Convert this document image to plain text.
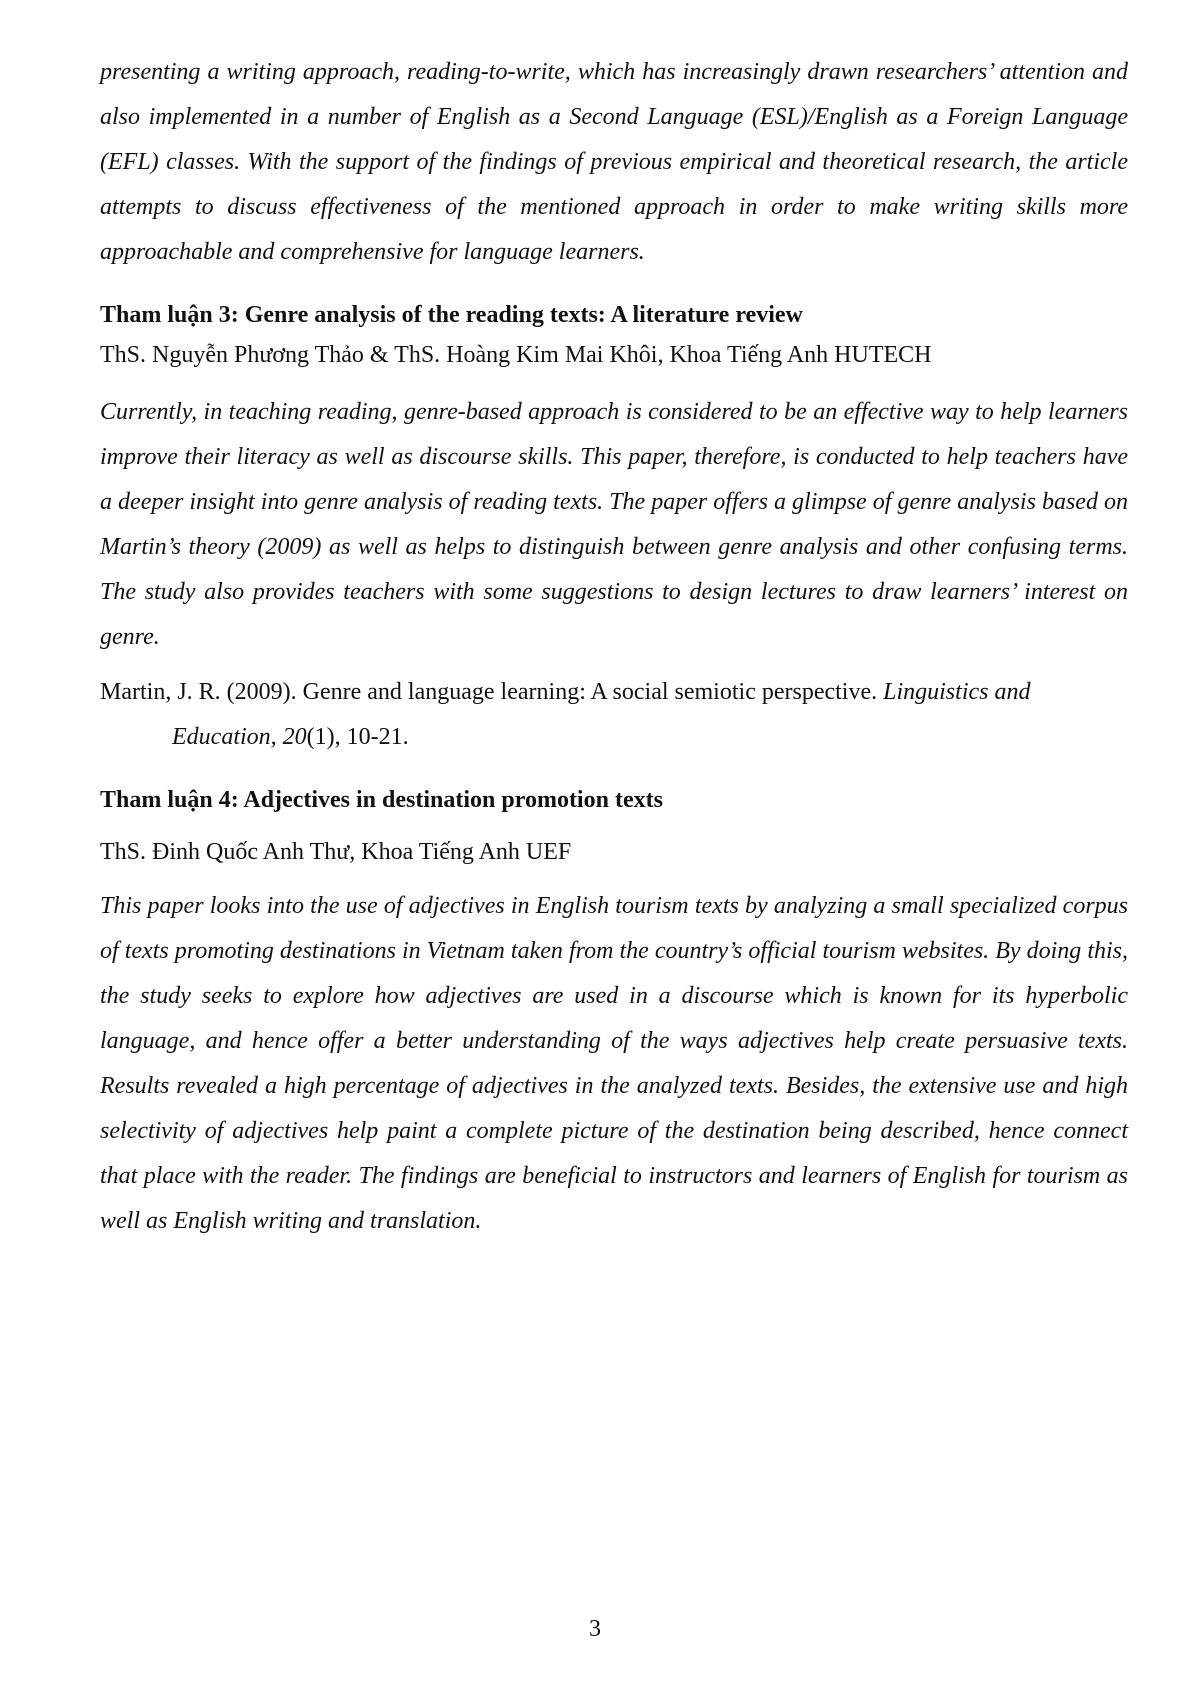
presenting a writing approach, reading-to-write, which has increasingly drawn researchers’ attention and also implemented in a number of English as a Second Language (ESL)/English as a Foreign Language (EFL) classes. With the support of the findings of previous empirical and theoretical research, the article attempts to discuss effectiveness of the mentioned approach in order to make writing skills more approachable and comprehensive for language learners.

Tham luận 3: Genre analysis of the reading texts: A literature review

ThS. Nguyễn Phương Thảo & ThS. Hoàng Kim Mai Khôi, Khoa Tiếng Anh HUTECH

Currently, in teaching reading, genre-based approach is considered to be an effective way to help learners improve their literacy as well as discourse skills. This paper, therefore, is conducted to help teachers have a deeper insight into genre analysis of reading texts. The paper offers a glimpse of genre analysis based on Martin’s theory (2009) as well as helps to distinguish between genre analysis and other confusing terms. The study also provides teachers with some suggestions to design lectures to draw learners’ interest on genre.

Martin, J. R. (2009). Genre and language learning: A social semiotic perspective. Linguistics and Education, 20(1), 10-21.

Tham luận 4: Adjectives in destination promotion texts

ThS. Đinh Quốc Anh Thư, Khoa Tiếng Anh UEF

This paper looks into the use of adjectives in English tourism texts by analyzing a small specialized corpus of texts promoting destinations in Vietnam taken from the country’s official tourism websites. By doing this, the study seeks to explore how adjectives are used in a discourse which is known for its hyperbolic language, and hence offer a better understanding of the ways adjectives help create persuasive texts. Results revealed a high percentage of adjectives in the analyzed texts. Besides, the extensive use and high selectivity of adjectives help paint a complete picture of the destination being described, hence connect that place with the reader. The findings are beneficial to instructors and learners of English for tourism as well as English writing and translation.

3
